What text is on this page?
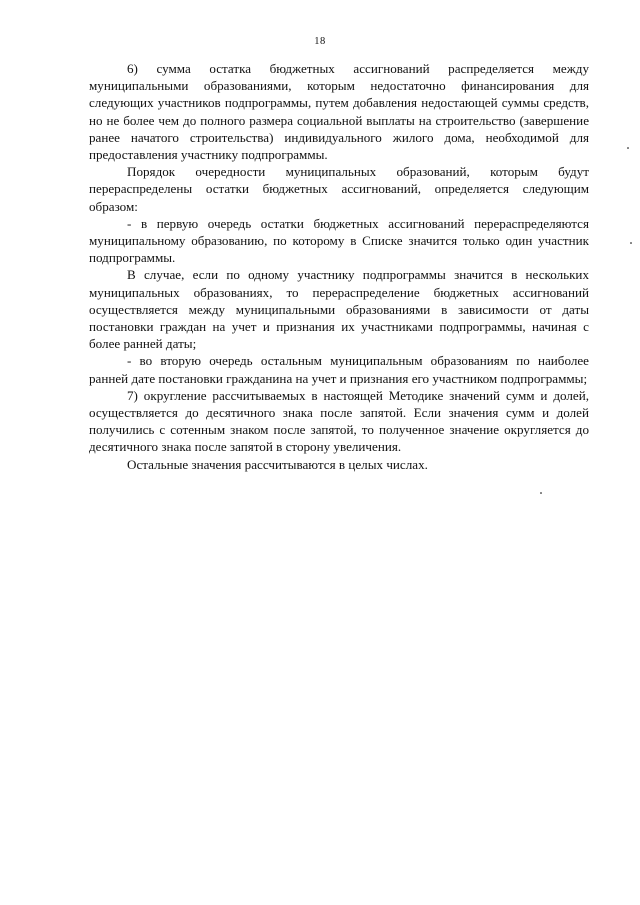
18

6) сумма остатка бюджетных ассигнований распределяется между муниципальными образованиями, которым недостаточно финансирования для следующих участников подпрограммы, путем добавления недостающей суммы средств, но не более чем до полного размера социальной выплаты на строительство (завершение ранее начатого строительства) индивидуального жилого дома, необходимой для предоставления участнику подпрограммы.

Порядок очередности муниципальных образований, которым будут перераспределены остатки бюджетных ассигнований, определяется следующим образом:

- в первую очередь остатки бюджетных ассигнований перераспределяются муниципальному образованию, по которому в Списке значится только один участник подпрограммы.

В случае, если по одному участнику подпрограммы значится в нескольких муниципальных образованиях, то перераспределение бюджетных ассигнований осуществляется между муниципальными образованиями в зависимости от даты постановки граждан на учет и признания их участниками подпрограммы, начиная с более ранней даты;

- во вторую очередь остальным муниципальным образованиям по наиболее ранней дате постановки гражданина на учет и признания его участником подпрограммы;

7) округление рассчитываемых в настоящей Методике значений сумм и долей, осуществляется до десятичного знака после запятой. Если значения сумм и долей получились с сотенным знаком после запятой, то полученное значение округляется до десятичного знака после запятой в сторону увеличения.

Остальные значения рассчитываются в целых числах.
